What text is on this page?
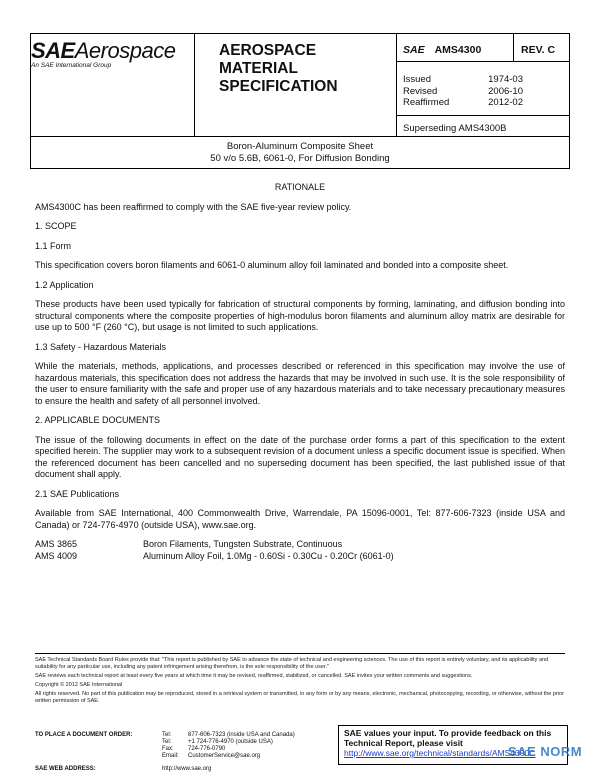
SAEAerospace
An SAE International Group
AEROSPACE
MATERIAL
SPECIFICATION
SAE AMS4300	REV. C
Issued	1974-03
Revised	2006-10
Reaffirmed	2012-02
Superseding AMS4300B
Boron-Aluminum Composite Sheet
50 v/o 5.6B, 6061-0, For Diffusion Bonding
RATIONALE
AMS4300C has been reaffirmed to comply with the SAE five-year review policy.
1. SCOPE
1.1 Form
This specification covers boron filaments and 6061-0 aluminum alloy foil laminated and bonded into a composite sheet.
1.2 Application
These products have been used typically for fabrication of structural components by forming, laminating, and diffusion bonding into structural components where the composite properties of high-modulus boron filaments and aluminum alloy matrix are desirable for use up to 500 °F (260 °C), but usage is not limited to such applications.
1.3 Safety - Hazardous Materials
While the materials, methods, applications, and processes described or referenced in this specification may involve the use of hazardous materials, this specification does not address the hazards that may be involved in such use. It is the sole responsibility of the user to ensure familiarity with the safe and proper use of any hazardous materials and to take necessary precautionary measures to ensure the health and safety of all personnel involved.
2. APPLICABLE DOCUMENTS
The issue of the following documents in effect on the date of the purchase order forms a part of this specification to the extent specified herein. The supplier may work to a subsequent revision of a document unless a specific document issue is specified. When the referenced document has been cancelled and no superseding document has been specified, the last published issue of that document shall apply.
2.1 SAE Publications
Available from SAE International, 400 Commonwealth Drive, Warrendale, PA 15096-0001, Tel: 877-606-7323 (inside USA and Canada) or 724-776-4970 (outside USA), www.sae.org.
AMS 3865	Boron Filaments, Tungsten Substrate, Continuous
AMS 4009	Aluminum Alloy Foil, 1.0Mg - 0.60Si - 0.30Cu - 0.20Cr (6061-0)

SAE Technical Standards Board Rules provide that: "This report is published by SAE to advance the state of technical and engineering sciences. The use of this report is entirely voluntary, and its applicability and suitability for any particular use, including any patent infringement arising therefrom, is the sole responsibility of the user."

SAE reviews each technical report at least every five years at which time it may be revised, reaffirmed, stabilized, or cancelled. SAE invites your written comments and suggestions.

Copyright © 2012 SAE International

All rights reserved. No part of this publication may be reproduced, stored in a retrieval system or transmitted, in any form or by any means, electronic, mechanical, photocopying, recording, or otherwise, without the prior written permission of SAE.

TO PLACE A DOCUMENT ORDER:	Tel:	877-606-7323 (inside USA and Canada)
Tel:	+1 724-776-4970 (outside USA)
Fax:	724-776-0790
Email:	CustomerService@sae.org
SAE WEB ADDRESS:	http://www.sae.org
SAE values your input. To provide feedback on this Technical Report, please visit
http://www.sae.org/technical/standards/AMS4300C
SAE NORM
